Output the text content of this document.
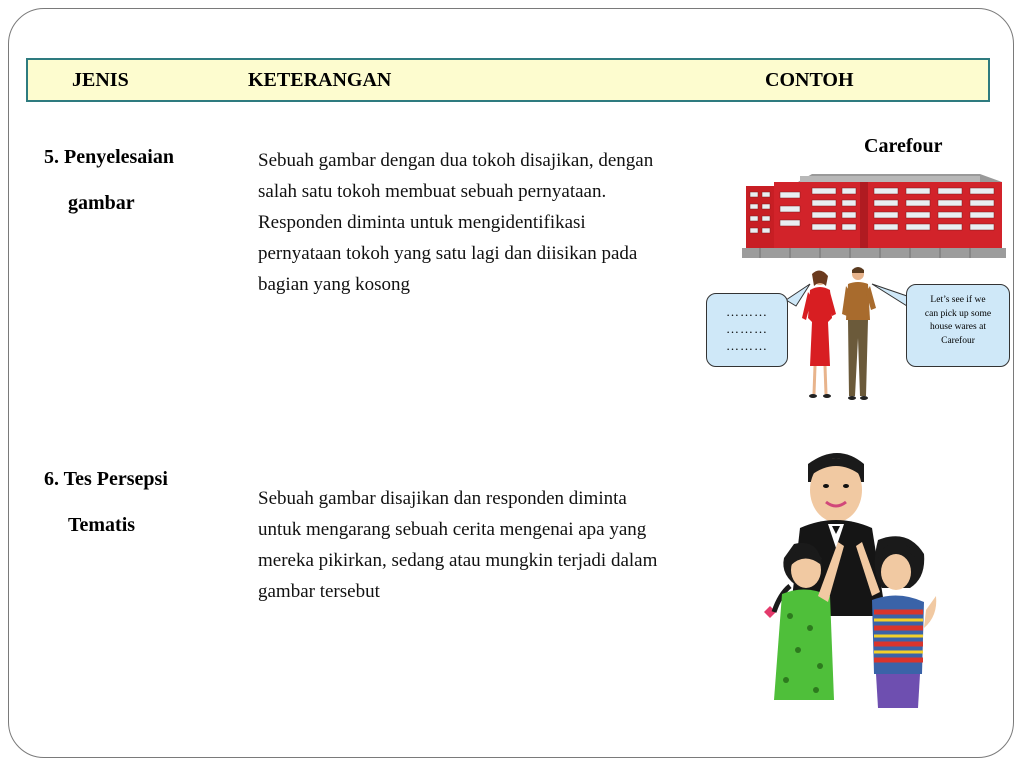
JENIS	KETERANGAN	CONTOH
5. Penyelesaian
gambar
Sebuah gambar dengan dua tokoh disajikan, dengan salah satu tokoh membuat sebuah pernyataan. Responden diminta untuk mengidentifikasi pernyataan tokoh yang satu lagi dan diisikan pada bagian yang kosong
Carefour
………
………
………
Let’s see if we
can pick up some
house wares at
Carefour
6. Tes Persepsi
Tematis
Sebuah gambar disajikan dan responden diminta untuk mengarang sebuah cerita mengenai apa yang mereka pikirkan, sedang atau mungkin terjadi dalam gambar tersebut
